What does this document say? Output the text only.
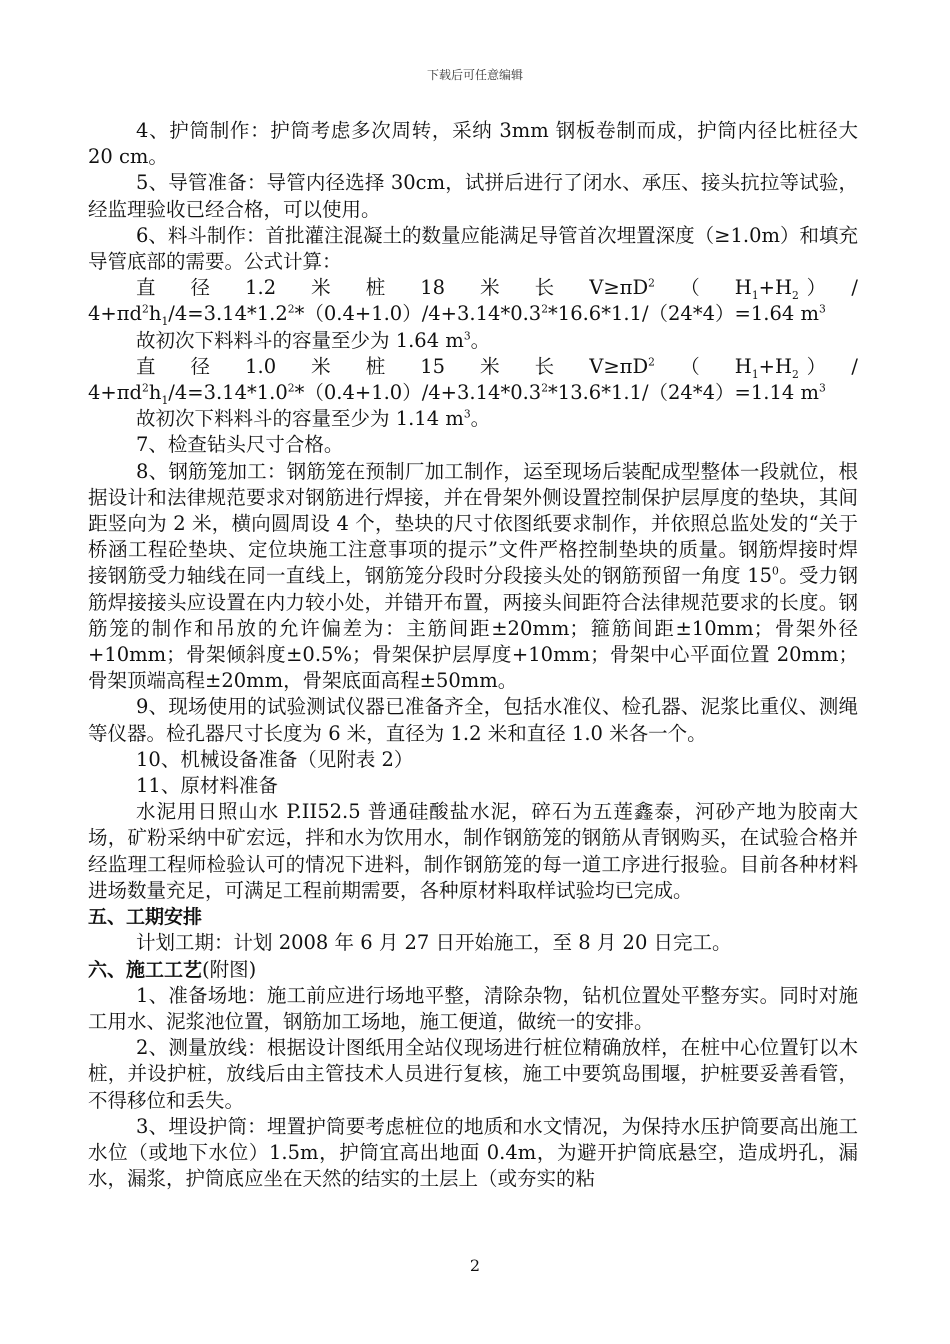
下载后可任意编辑

4、护筒制作：护筒考虑多次周转，采纳 3mm 钢板卷制而成，护筒内径比桩径大 20 cm。

5、导管准备：导管内径选择 30cm，试拼后进行了闭水、承压、接头抗拉等试验，经监理验收已经合格，可以使用。

6、料斗制作：首批灌注混凝土的数量应能满足导管首次埋置深度（≥1.0m）和填充导管底部的需要。公式计算：

直　径　1.2　米　桩　18　米　长　$V\ge\pi D^2$　 （　$H_1+H_2$）　/

$4+\pi d^2h_1/4=3.14*1.2^2*(0.4+1.0)/4+3.14*0.3^2*16.6*1.1/(24*4)=1.64$ $m^3$

故初次下料料斗的容量至少为 1.64 $m^3$。

直　径　1.0　米　桩　15　米　长　$V\ge\pi D^2$　 （　$H_1+H_2$）　/

$4+\pi d^2h_1/4=3.14*1.0^2*(0.4+1.0)/4+3.14*0.3^2*13.6*1.1/(24*4)=1.14$ $m^3$

故初次下料料斗的容量至少为 1.14 $m^3$。

7、检查钻头尺寸合格。

8、钢筋笼加工：钢筋笼在预制厂加工制作，运至现场后装配成型整体一段就位，根据设计和法律规范要求对钢筋进行焊接，并在骨架外侧设置控制保护层厚度的垫块，其间距竖向为 2 米，横向圆周设 4 个，垫块的尺寸依图纸要求制作，并依照总监处发的“关于桥涵工程砼垫块、定位块施工注意事项的提示”文件严格控制垫块的质量。钢筋焊接时焊接钢筋受力轴线在同一直线上，钢筋笼分段时分段接头处的钢筋预留一角度 $15^0$。受力钢筋焊接接头应设置在内力较小处，并错开布置，两接头间距符合法律规范要求的长度。钢筋笼的制作和吊放的允许偏差为：主筋间距±20mm；箍筋间距±10mm；骨架外径+10mm；骨架倾斜度±0.5%；骨架保护层厚度+10mm；骨架中心平面位置 20mm；骨架顶端高程±20mm，骨架底面高程±50mm。

9、现场使用的试验测试仪器已准备齐全，包括水准仪、检孔器、泥浆比重仪、测绳等仪器。检孔器尺寸长度为 6 米，直径为 1.2 米和直径 1.0 米各一个。

10、机械设备准备（见附表 2）

11、原材料准备

水泥用日照山水 P.II52.5 普通硅酸盐水泥，碎石为五莲鑫泰，河砂产地为胶南大场，矿粉采纳中矿宏远，拌和水为饮用水，制作钢筋笼的钢筋从青钢购买，在试验合格并经监理工程师检验认可的情况下进料，制作钢筋笼的每一道工序进行报验。目前各种材料进场数量充足，可满足工程前期需要，各种原材料取样试验均已完成。

五、工期安排

计划工期：计划 2008 年 6 月 27 日开始施工，至 8 月 20 日完工。

六、施工工艺(附图)

1、准备场地：施工前应进行场地平整，清除杂物，钻机位置处平整夯实。同时对施工用水、泥浆池位置，钢筋加工场地，施工便道，做统一的安排。

2、测量放线：根据设计图纸用全站仪现场进行桩位精确放样，在桩中心位置钉以木桩，并设护桩，放线后由主管技术人员进行复核，施工中要筑岛围堰，护桩要妥善看管，不得移位和丢失。

3、埋设护筒：埋置护筒要考虑桩位的地质和水文情况，为保持水压护筒要高出施工水位（或地下水位）1.5m，护筒宜高出地面 0.4m，为避开护筒底悬空，造成坍孔，漏水，漏浆，护筒底应坐在天然的结实的土层上（或夯实的粘

2
